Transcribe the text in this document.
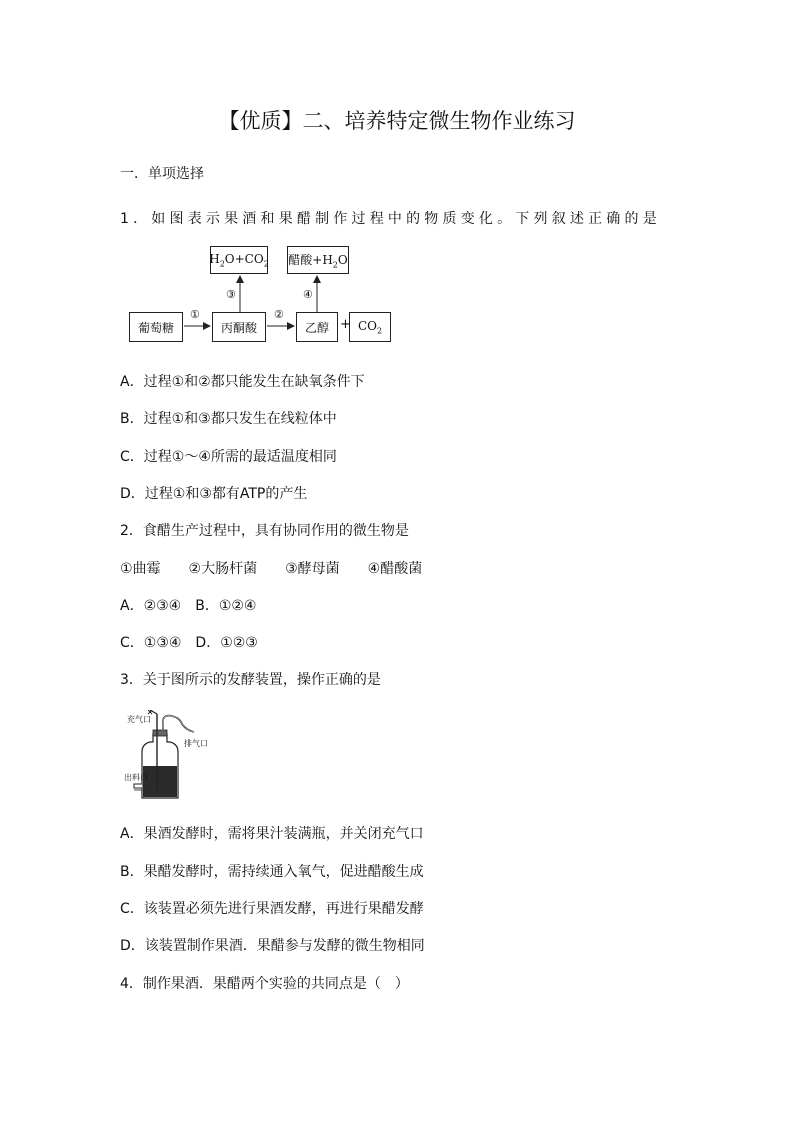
【优质】二、培养特定微生物作业练习
一．单项选择
1．如图表示果酒和果醋制作过程中的物质变化。下列叙述正确的是
葡萄糖	丙酮酸	乙醇 $CO_2$
$H_2O+CO_2$ 醋酸$+H_2O$
①	②
③	④
+
A．过程①和②都只能发生在缺氧条件下
B．过程①和③都只发生在线粒体中
C．过程①～④所需的最适温度相同
D．过程①和③都有ATP的产生
2．食醋生产过程中，具有协同作用的微生物是
①曲霉　　②大肠杆菌　　③酵母菌　　④醋酸菌
A．②③④　B．①②④
C．①③④　D．①②③
3．关于图所示的发酵装置，操作正确的是
充气口
排气口
出料口
A．果酒发酵时，需将果汁装满瓶，并关闭充气口
B．果醋发酵时，需持续通入氧气，促进醋酸生成
C．该装置必须先进行果酒发酵，再进行果醋发酵
D．该装置制作果酒．果醋参与发酵的微生物相同
4．制作果酒．果醋两个实验的共同点是（　）
